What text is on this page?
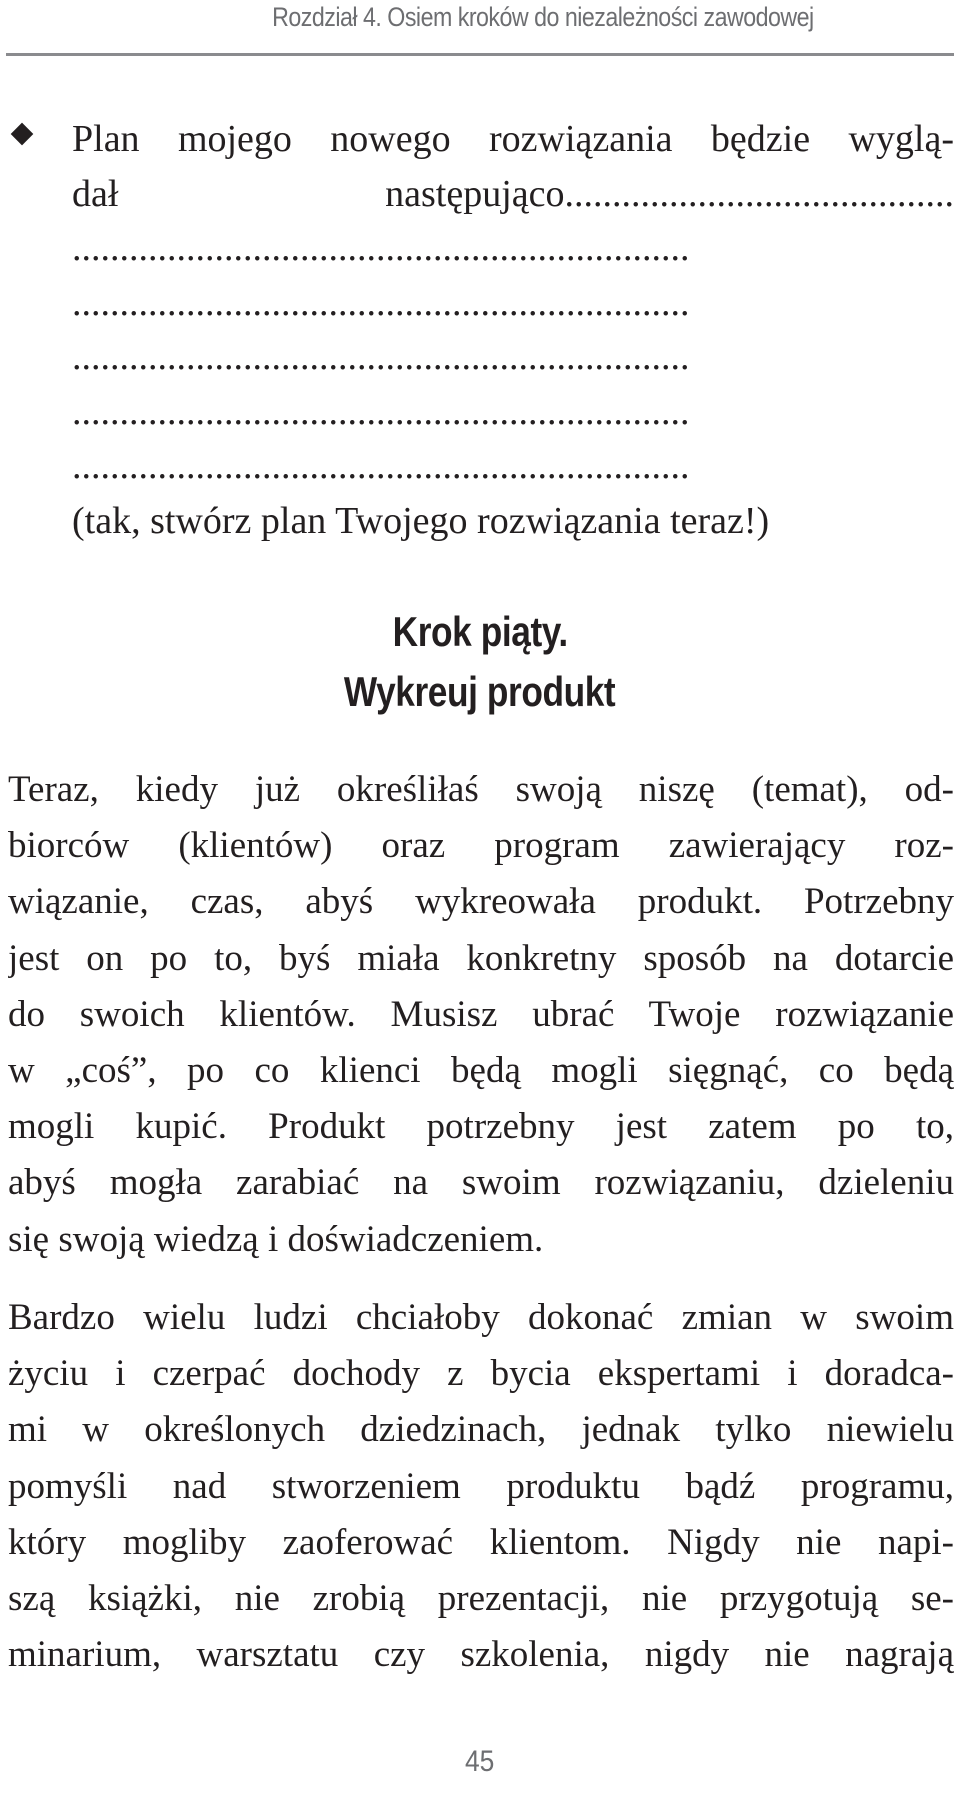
Rozdział 4. Osiem kroków do niezależności zawodowej
Plan mojego nowego rozwiązania będzie wyglą-
dał następująco.........................................
.................................................................
.................................................................
.................................................................
.................................................................
.................................................................
(tak, stwórz plan Twojego rozwiązania teraz!)
Krok piąty.
Wykreuj produkt
Teraz, kiedy już określiłaś swoją niszę (temat), od-
biorców (klientów) oraz program zawierający roz-
wiązanie, czas, abyś wykreowała produkt. Potrzebny
jest on po to, byś miała konkretny sposób na dotarcie
do swoich klientów. Musisz ubrać Twoje rozwiązanie
w „coś”, po co klienci będą mogli sięgnąć, co będą
mogli kupić. Produkt potrzebny jest zatem po to,
abyś mogła zarabiać na swoim rozwiązaniu, dzieleniu
się swoją wiedzą i doświadczeniem.
Bardzo wielu ludzi chciałoby dokonać zmian w swoim
życiu i czerpać dochody z bycia ekspertami i doradca-
mi w określonych dziedzinach, jednak tylko niewielu
pomyśli nad stworzeniem produktu bądź programu,
który mogliby zaoferować klientom. Nigdy nie napi-
szą książki, nie zrobią prezentacji, nie przygotują se-
minarium, warsztatu czy szkolenia, nigdy nie nagrają
45
